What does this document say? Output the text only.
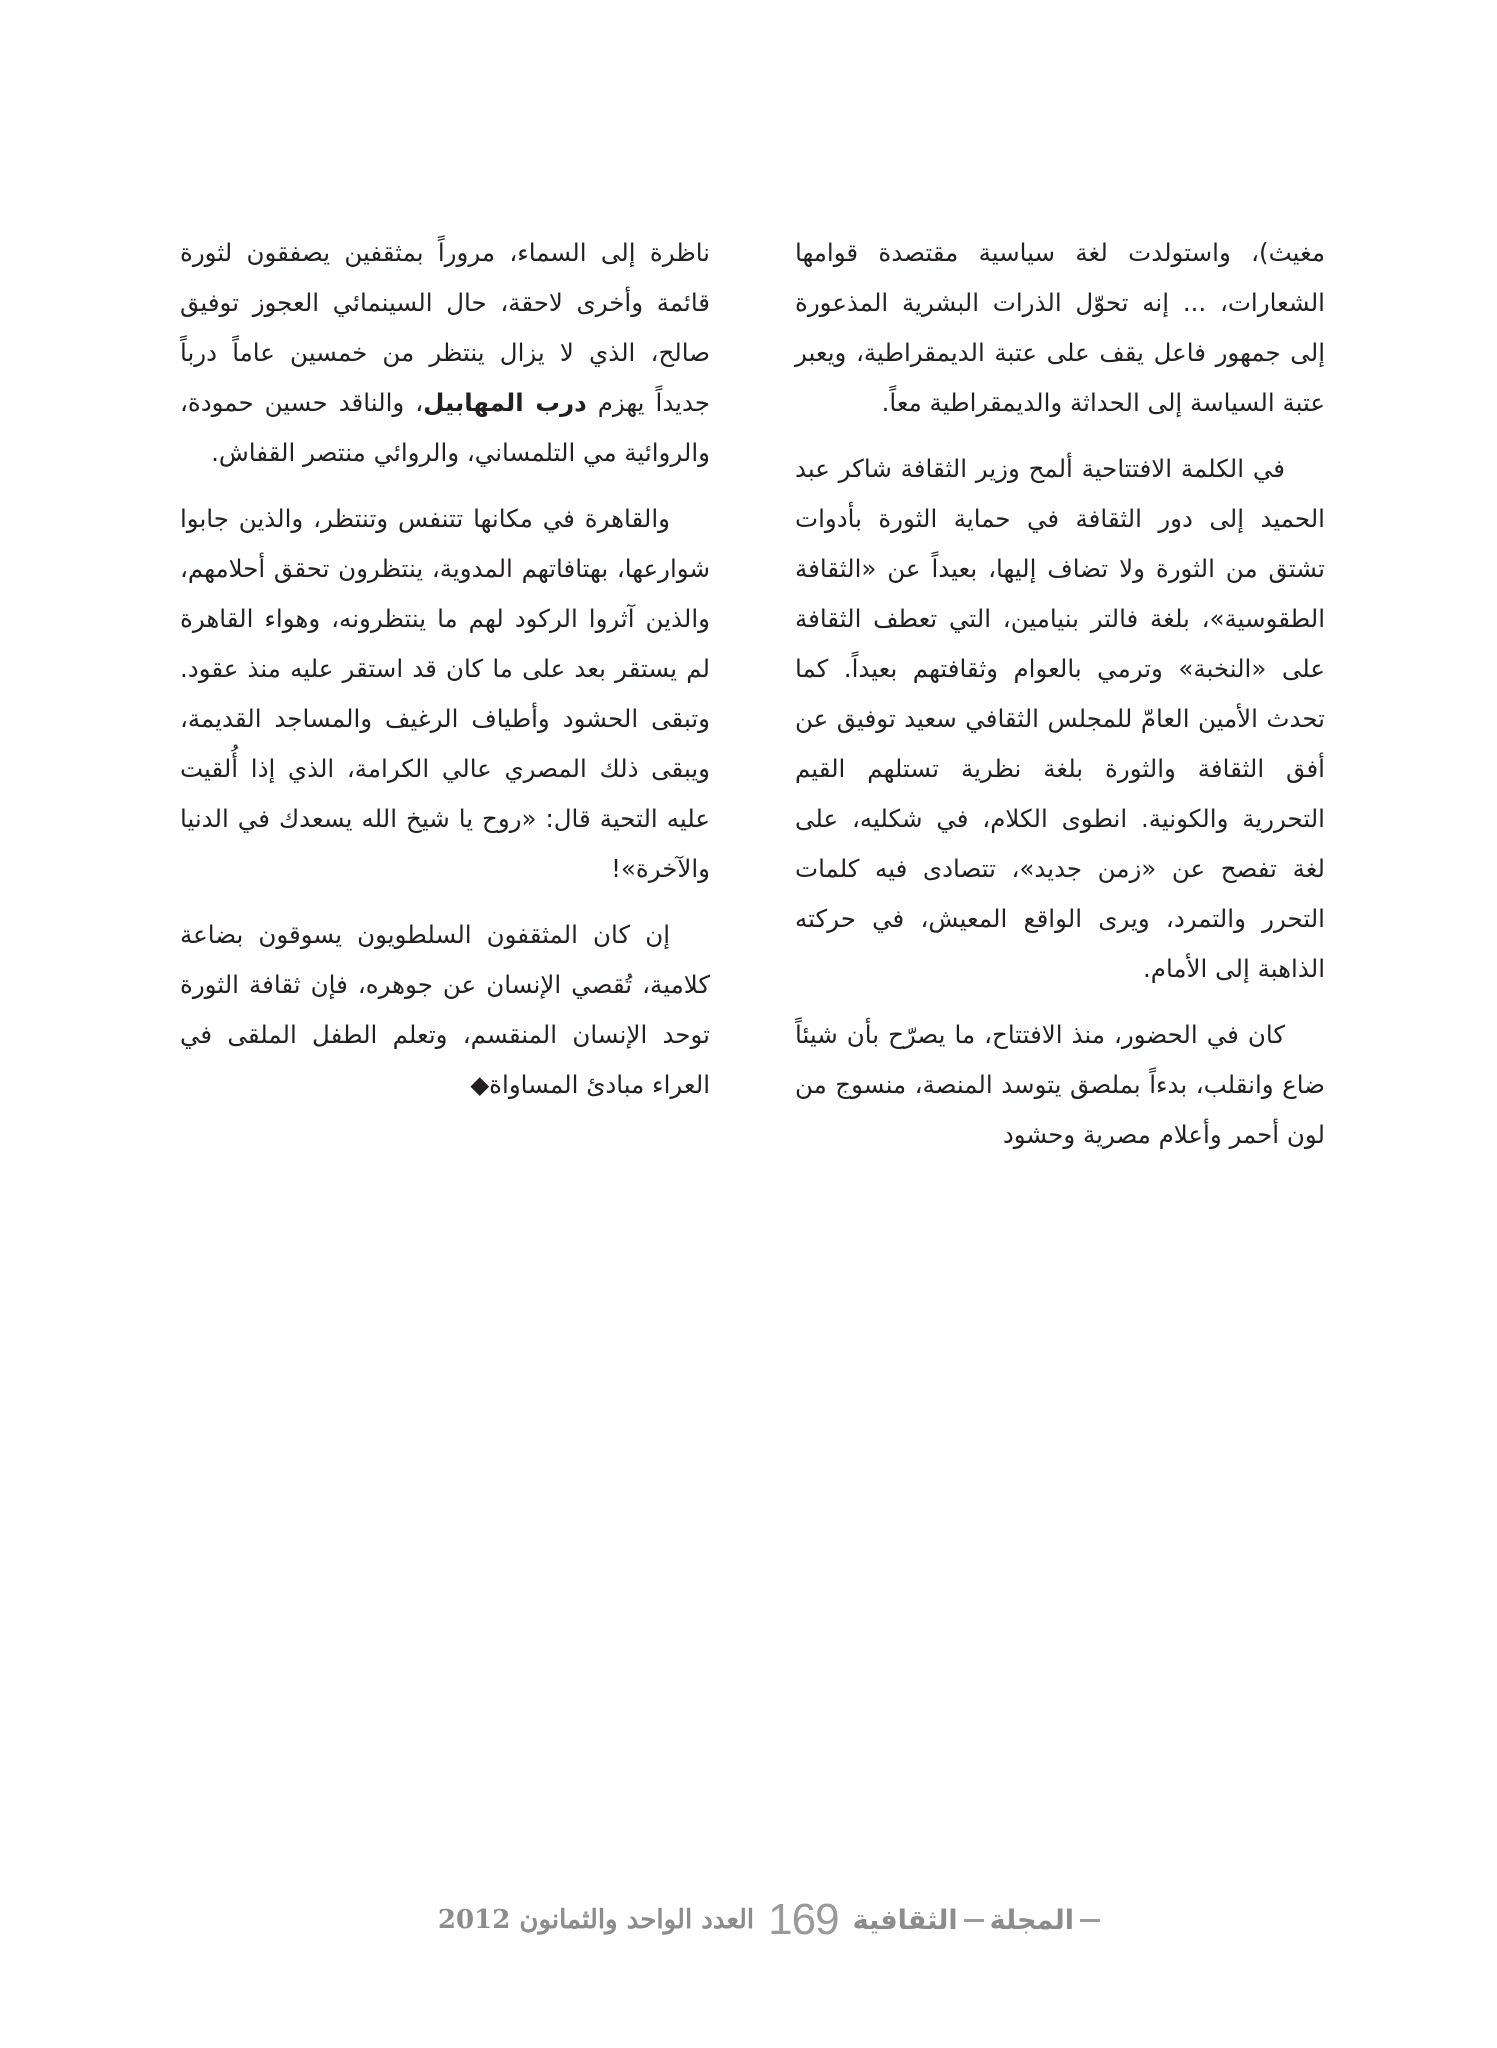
مغيث)، واستولدت لغة سياسية مقتصدة قوامها الشعارات، ... إنه تحوّل الذرات البشرية المذعورة إلى جمهور فاعل يقف على عتبة الديمقراطية، ويعبر عتبة السياسة إلى الحداثة والديمقراطية معاً.

في الكلمة الافتتاحية ألمح وزير الثقافة شاكر عبد الحميد إلى دور الثقافة في حماية الثورة بأدوات تشتق من الثورة ولا تضاف إليها، بعيداً عن «الثقافة الطقوسية»، بلغة فالتر بنيامين، التي تعطف الثقافة على «النخبة» وترمي بالعوام وثقافتهم بعيداً. كما تحدث الأمين العامّ للمجلس الثقافي سعيد توفيق عن أفق الثقافة والثورة بلغة نظرية تستلهم القيم التحررية والكونية. انطوى الكلام، في شكليه، على لغة تفصح عن «زمن جديد»، تتصادى فيه كلمات التحرر والتمرد، ويرى الواقع المعيش، في حركته الذاهبة إلى الأمام.

كان في الحضور، منذ الافتتاح، ما يصرّح بأن شيئاً ضاع وانقلب، بدءاً بملصق يتوسد المنصة، منسوج من لون أحمر وأعلام مصرية وحشود

ناظرة إلى السماء، مروراً بمثقفين يصفقون لثورة قائمة وأخرى لاحقة، حال السينمائي العجوز توفيق صالح، الذي لا يزال ينتظر من خمسين عاماً درباً جديداً يهزم درب المهابيل، والناقد حسين حمودة، والروائية مي التلمساني، والروائي منتصر القفاش.

والقاهرة في مكانها تتنفس وتنتظر، والذين جابوا شوارعها، بهتافاتهم المدوية، ينتظرون تحقق أحلامهم، والذين آثروا الركود لهم ما ينتظرونه، وهواء القاهرة لم يستقر بعد على ما كان قد استقر عليه منذ عقود. وتبقى الحشود وأطياف الرغيف والمساجد القديمة، ويبقى ذلك المصري عالي الكرامة، الذي إذا أُلقيت عليه التحية قال: «روح يا شيخ الله يسعدك في الدنيا والآخرة»!

إن كان المثقفون السلطويون يسوقون بضاعة كلامية، تُقصي الإنسان عن جوهره، فإن ثقافة الثورة توحد الإنسان المنقسم، وتعلم الطفل الملقى في العراء مبادئ المساواة◆

المجلة
الثقافية
169
العدد الواحد والثمانون 2012
